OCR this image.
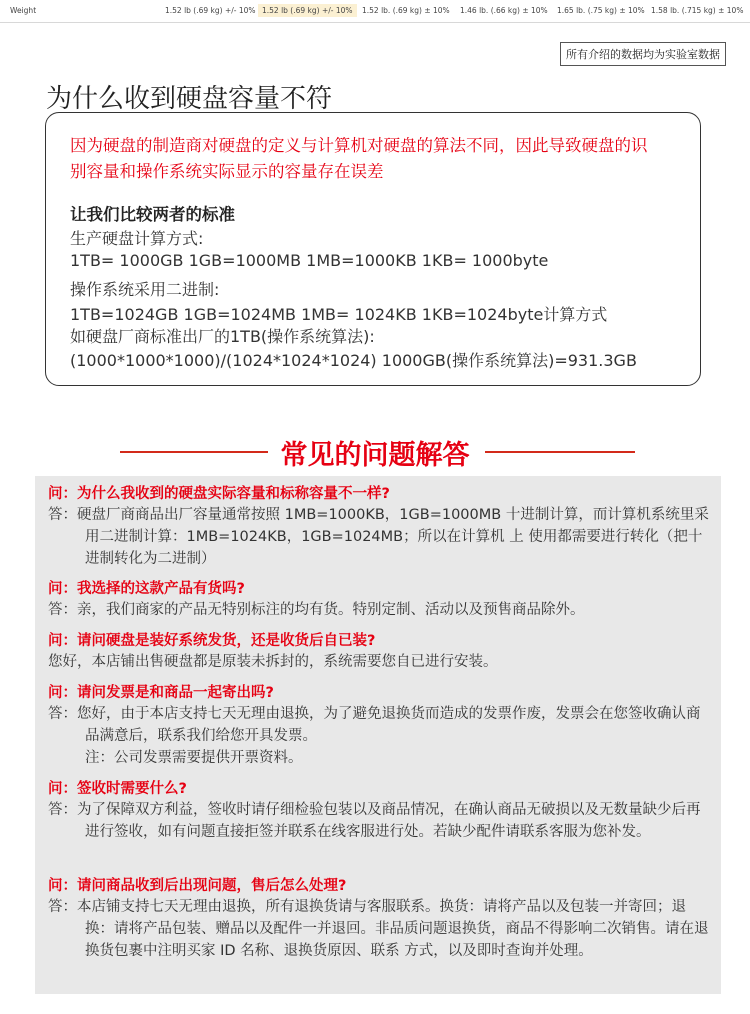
Weight	1.52 lb (.69 kg) +/- 10% 1.52 lb (.69 kg) +/- 10%	1.52 lb. (.69 kg) ± 10% 1.46 lb. (.66 kg) ± 10% 1.65 lb. (.75 kg) ± 10% 1.58 lb. (.715 kg) ± 10%
所有介绍的数据均为实验室数据
为什么收到硬盘容量不符
因为硬盘的制造商对硬盘的定义与计算机对硬盘的算法不同，因此导致硬盘的识别容量和操作系统实际显示的容量存在误差
让我们比较两者的标准
生产硬盘计算方式:
1TB= 1000GB 1GB=1000MB 1MB=1000KB 1KB= 1000byte
操作系统采用二进制:
1TB=1024GB 1GB=1024MB 1MB= 1024KB 1KB=1024byte计算方式
如硬盘厂商标准出厂的1TB(操作系统算法): (1000*1000*1000)/(1024*1024*1024) 1000GB(操作系统算法)=931.3GB
常见的问题解答
问：为什么我收到的硬盘实际容量和标称容量不一样?
答：硬盘厂商商品出厂容量通常按照 1MB=1000KB，1GB=1000MB 十进制计算，而计算机系统里采用二进制计算：1MB=1024KB，1GB=1024MB；所以在计算机 上 使用都需要进行转化（把十进制转化为二进制）
问：我选择的这款产品有货吗?
答：亲，我们商家的产品无特别标注的均有货。特别定制、活动以及预售商品除外。
问：请问硬盘是装好系统发货，还是收货后自已装?
您好，本店铺出售硬盘都是原装未拆封的，系统需要您自已进行安装。
问：请问发票是和商品一起寄出吗?
答：您好，由于本店支持七天无理由退换，为了避免退换货而造成的发票作废，发票会在您签收确认商品满意后，联系我们给您开具发票。
注：公司发票需要提供开票资料。
问：签收时需要什么?
答：为了保障双方利益，签收时请仔细检验包装以及商品情况，在确认商品无破损以及无数量缺少后再进行签收，如有问题直接拒签并联系在线客服进行处。若缺少配件请联系客服为您补发。
问：请问商品收到后出现问题，售后怎么处理?
答：本店铺支持七天无理由退换，所有退换货请与客服联系。换货：请将产品以及包装一并寄回；退换：请将产品包装、赠品以及配件一并退回。非品质问题退换货，商品不得影响二次销售。请在退换货包裹中注明买家 ID 名称、退换货原因、联系 方式，以及即时查询并处理。
